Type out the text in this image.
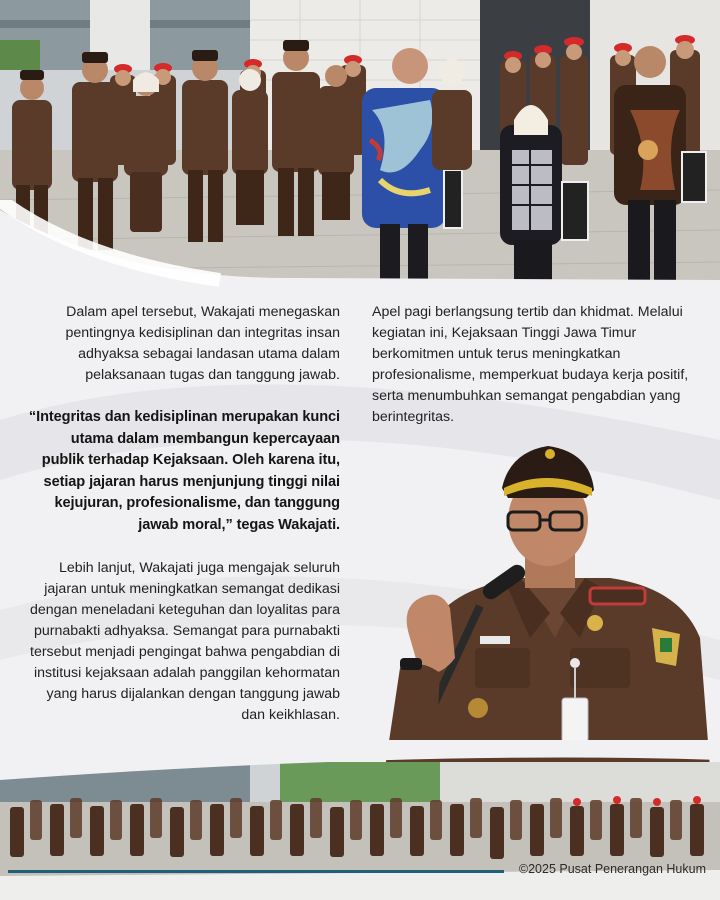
Dalam apel tersebut, Wakajati menegaskan pentingnya kedisiplinan dan integritas insan adhyaksa sebagai landasan utama dalam pelaksanaan tugas dan tanggung jawab.

“Integritas dan kedisiplinan merupakan kunci utama dalam membangun kepercayaan publik terhadap Kejaksaan. Oleh karena itu, setiap jajaran harus menjunjung tinggi nilai kejujuran, profesionalisme, dan tanggung jawab moral,” tegas Wakajati.

Lebih lanjut, Wakajati juga mengajak seluruh jajaran untuk meningkatkan semangat dedikasi dengan meneladani keteguhan dan loyalitas para purnabakti adhyaksa. Semangat para purnabakti tersebut menjadi pengingat bahwa pengabdian di institusi kejaksaan adalah panggilan kehormatan yang harus dijalankan dengan tanggung jawab dan keikhlasan.

Apel pagi berlangsung tertib dan khidmat. Melalui kegiatan ini, Kejaksaan Tinggi Jawa Timur berkomitmen untuk terus meningkatkan profesionalisme, memperkuat budaya kerja positif, serta menumbuhkan semangat pengabdian yang berintegritas.

©2025 Pusat Penerangan Hukum
